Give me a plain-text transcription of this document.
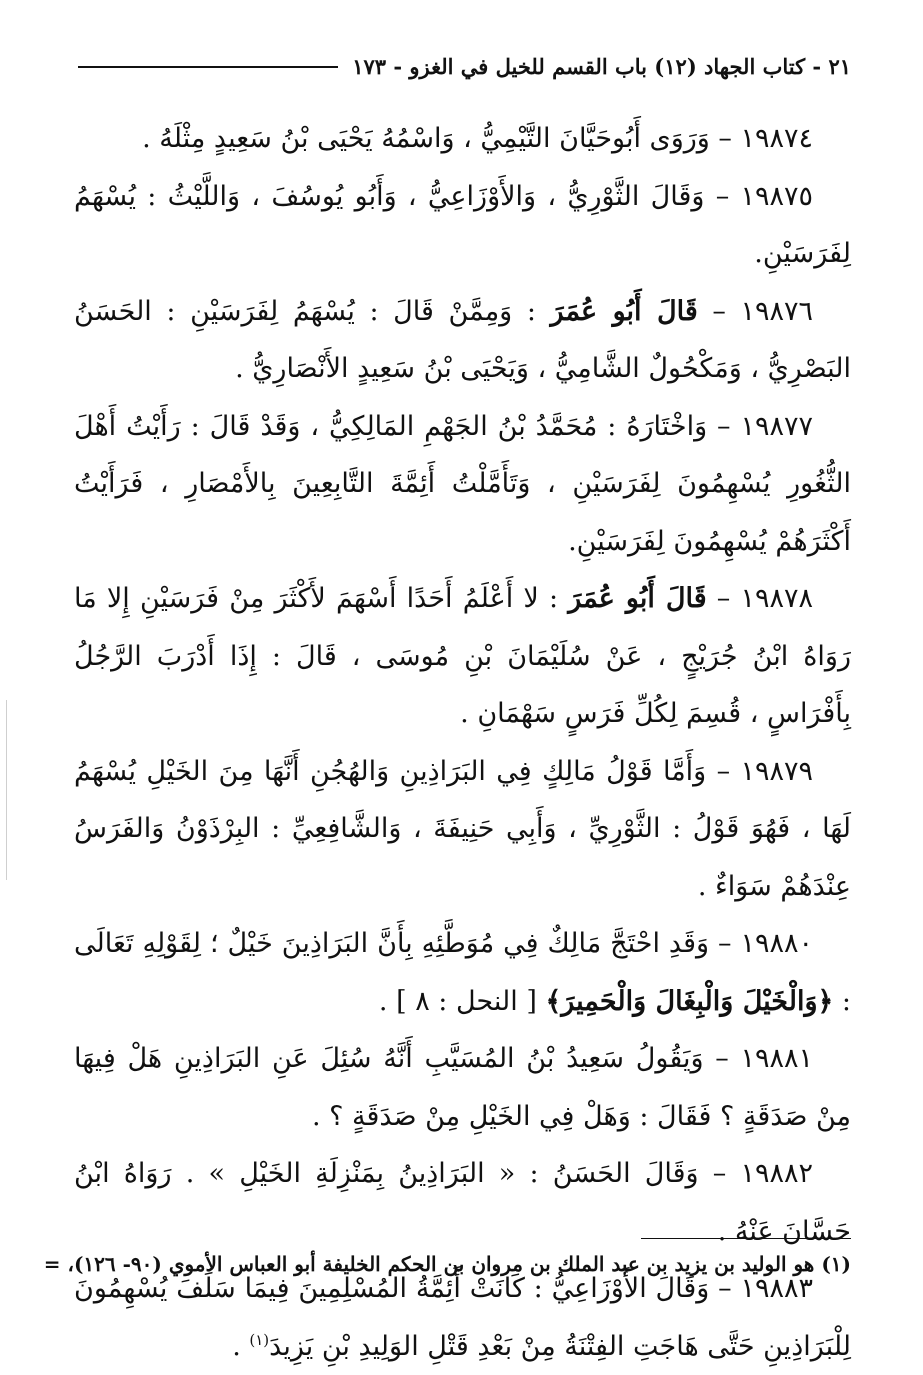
٢١ - كتاب الجهاد (١٢) باب القسم للخيل في الغزو - ١٧٣

١٩٨٧٤ – وَرَوَى أَبُوحَيَّانَ التَّيْمِيُّ ، وَاسْمُهُ يَحْيَى بْنُ سَعِيدٍ مِثْلَهُ .

١٩٨٧٥ – وَقَالَ الثَّوْرِيُّ ، وَالأَوْزَاعِيُّ ، وَأَبُو يُوسُفَ ، وَاللَّيْثُ : يُسْهَمُ لِفَرَسَيْنِ.

١٩٨٧٦ – قَالَ أَبُو عُمَرَ : وَمِمَّنْ قَالَ : يُسْهَمُ لِفَرَسَيْنِ : الحَسَنُ البَصْرِيُّ ، وَمَكْحُولٌ الشَّامِيُّ ، وَيَحْيَى بْنُ سَعِيدٍ الأَنْصَارِيُّ .

١٩٨٧٧ – وَاخْتَارَهُ : مُحَمَّدُ بْنُ الجَهْمِ المَالِكِيُّ ، وَقَدْ قَالَ : رَأَيْتُ أَهْلَ الثُّغُورِ يُسْهِمُونَ لِفَرَسَيْنِ ، وَتَأَمَّلْتُ أَئِمَّةَ التَّابِعِينَ بِالأَمْصَارِ ، فَرَأَيْتُ أَكْثَرَهُمْ يُسْهِمُونَ لِفَرَسَيْنِ.

١٩٨٧٨ – قَالَ أَبُو عُمَرَ : لا أَعْلَمُ أَحَدًا أَسْهَمَ لأَكْثَرَ مِنْ فَرَسَيْنِ إِلا مَا رَوَاهُ ابْنُ جُرَيْجٍ ، عَنْ سُلَيْمَانَ بْنِ مُوسَى ، قَالَ : إِذَا أَدْرَبَ الرَّجُلُ بِأَفْرَاسٍ ، قُسِمَ لِكُلِّ فَرَسٍ سَهْمَانِ .

١٩٨٧٩ – وَأَمَّا قَوْلُ مَالِكٍ فِي البَرَاذِينِ وَالهُجُنِ أَنَّهَا مِنَ الخَيْلِ يُسْهَمُ لَهَا ، فَهُوَ قَوْلُ : الثَّوْرِيِّ ، وَأَبِي حَنِيفَةَ ، وَالشَّافِعِيِّ : البِرْذَوْنُ وَالفَرَسُ عِنْدَهُمْ سَوَاءٌ .

١٩٨٨٠ – وَقَدِ احْتَجَّ مَالِكٌ فِي مُوَطَّئِهِ بِأَنَّ البَرَاذِينَ خَيْلٌ ؛ لِقَوْلِهِ تَعَالَى : ﴿وَالْخَيْلَ وَالْبِغَالَ وَالْحَمِيرَ﴾ [ النحل : ٨ ] .

١٩٨٨١ – وَيَقُولُ سَعِيدُ بْنُ المُسَيَّبِ أَنَّهُ سُئِلَ عَنِ البَرَاذِينِ هَلْ فِيهَا مِنْ صَدَقَةٍ ؟ فَقَالَ : وَهَلْ فِي الخَيْلِ مِنْ صَدَقَةٍ ؟ .

١٩٨٨٢ – وَقَالَ الحَسَنُ : « البَرَاذِينُ بِمَنْزِلَةِ الخَيْلِ » . رَوَاهُ ابْنُ حَسَّانَ عَنْهُ .

١٩٨٨٣ – وَقَالَ الأَوْزَاعِيُّ : كَانَتْ أَئِمَّةُ المُسْلِمِينَ فِيمَا سَلَفَ يُسْهِمُونَ لِلْبَرَاذِينِ حَتَّى هَاجَتِ الفِتْنَةُ مِنْ بَعْدِ قَتْلِ الوَلِيدِ بْنِ يَزِيدَ$^{(١)}$ .

(١) هو الوليد بن يزيد بن عبد الملك بن مروان بن الحكم الخليفة أبو العباس الأموي (٩٠- ١٢٦)، =
